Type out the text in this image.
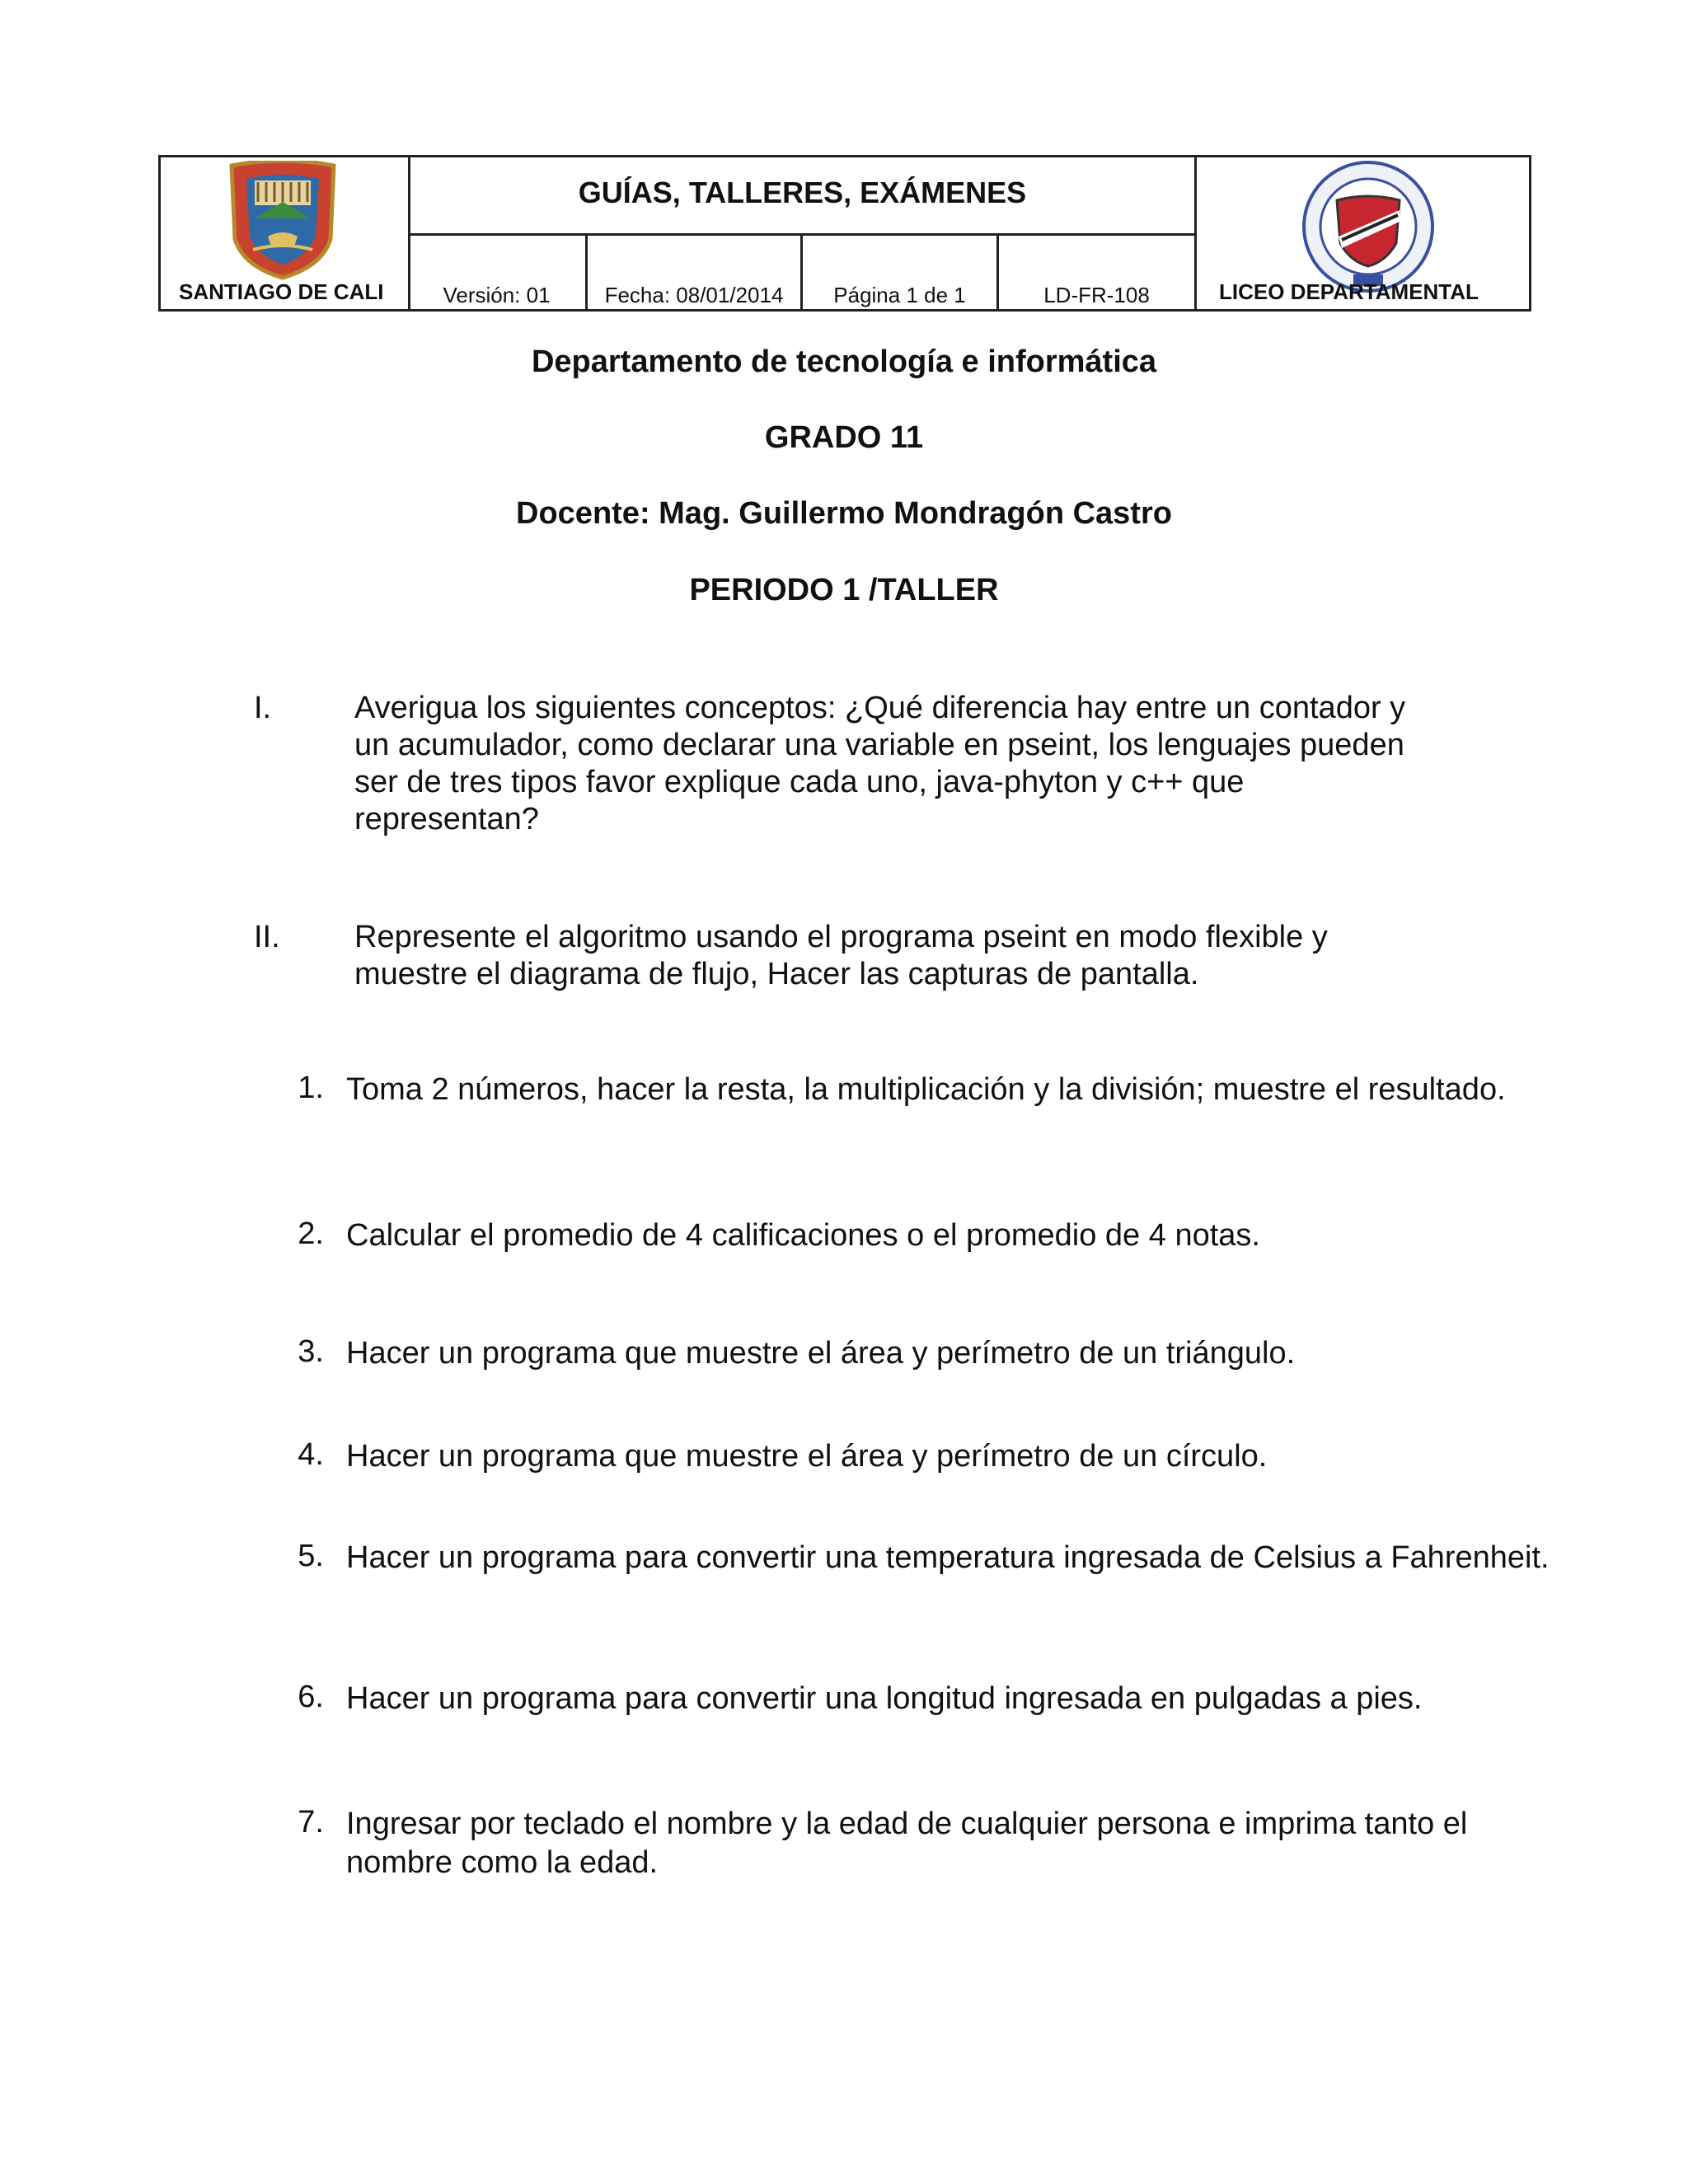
SANTIAGO DE CALI
GUÍAS, TALLERES, EXÁMENES
Versión: 01	Fecha: 08/01/2014	Página 1 de 1	LD-FR-108	LICEO DEPARTAMENTAL
Departamento de tecnología e informática
GRADO 11
Docente: Mag. Guillermo Mondragón Castro
PERIODO 1 /TALLER
I.	Averigua los siguientes conceptos: ¿Qué diferencia hay entre un contador y
un acumulador, como declarar una variable en pseint, los lenguajes pueden
ser de tres tipos favor explique cada uno, java-phyton y c++ que
representan?
II. Represente el algoritmo usando el programa pseint en modo flexible y
muestre el diagrama de flujo, Hacer las capturas de pantalla.
1. Toma 2 números, hacer la resta, la multiplicación y la división; muestre el resultado.
2. Calcular el promedio de 4 calificaciones o el promedio de 4 notas.
3. Hacer un programa que muestre el área y perímetro de un triángulo.
4. Hacer un programa que muestre el área y perímetro de un círculo.
5. Hacer un programa para convertir una temperatura ingresada de Celsius a Fahrenheit.
6. Hacer un programa para convertir una longitud ingresada en pulgadas a pies.
7. Ingresar por teclado el nombre y la edad de cualquier persona e imprima tanto el nombre como la edad.
